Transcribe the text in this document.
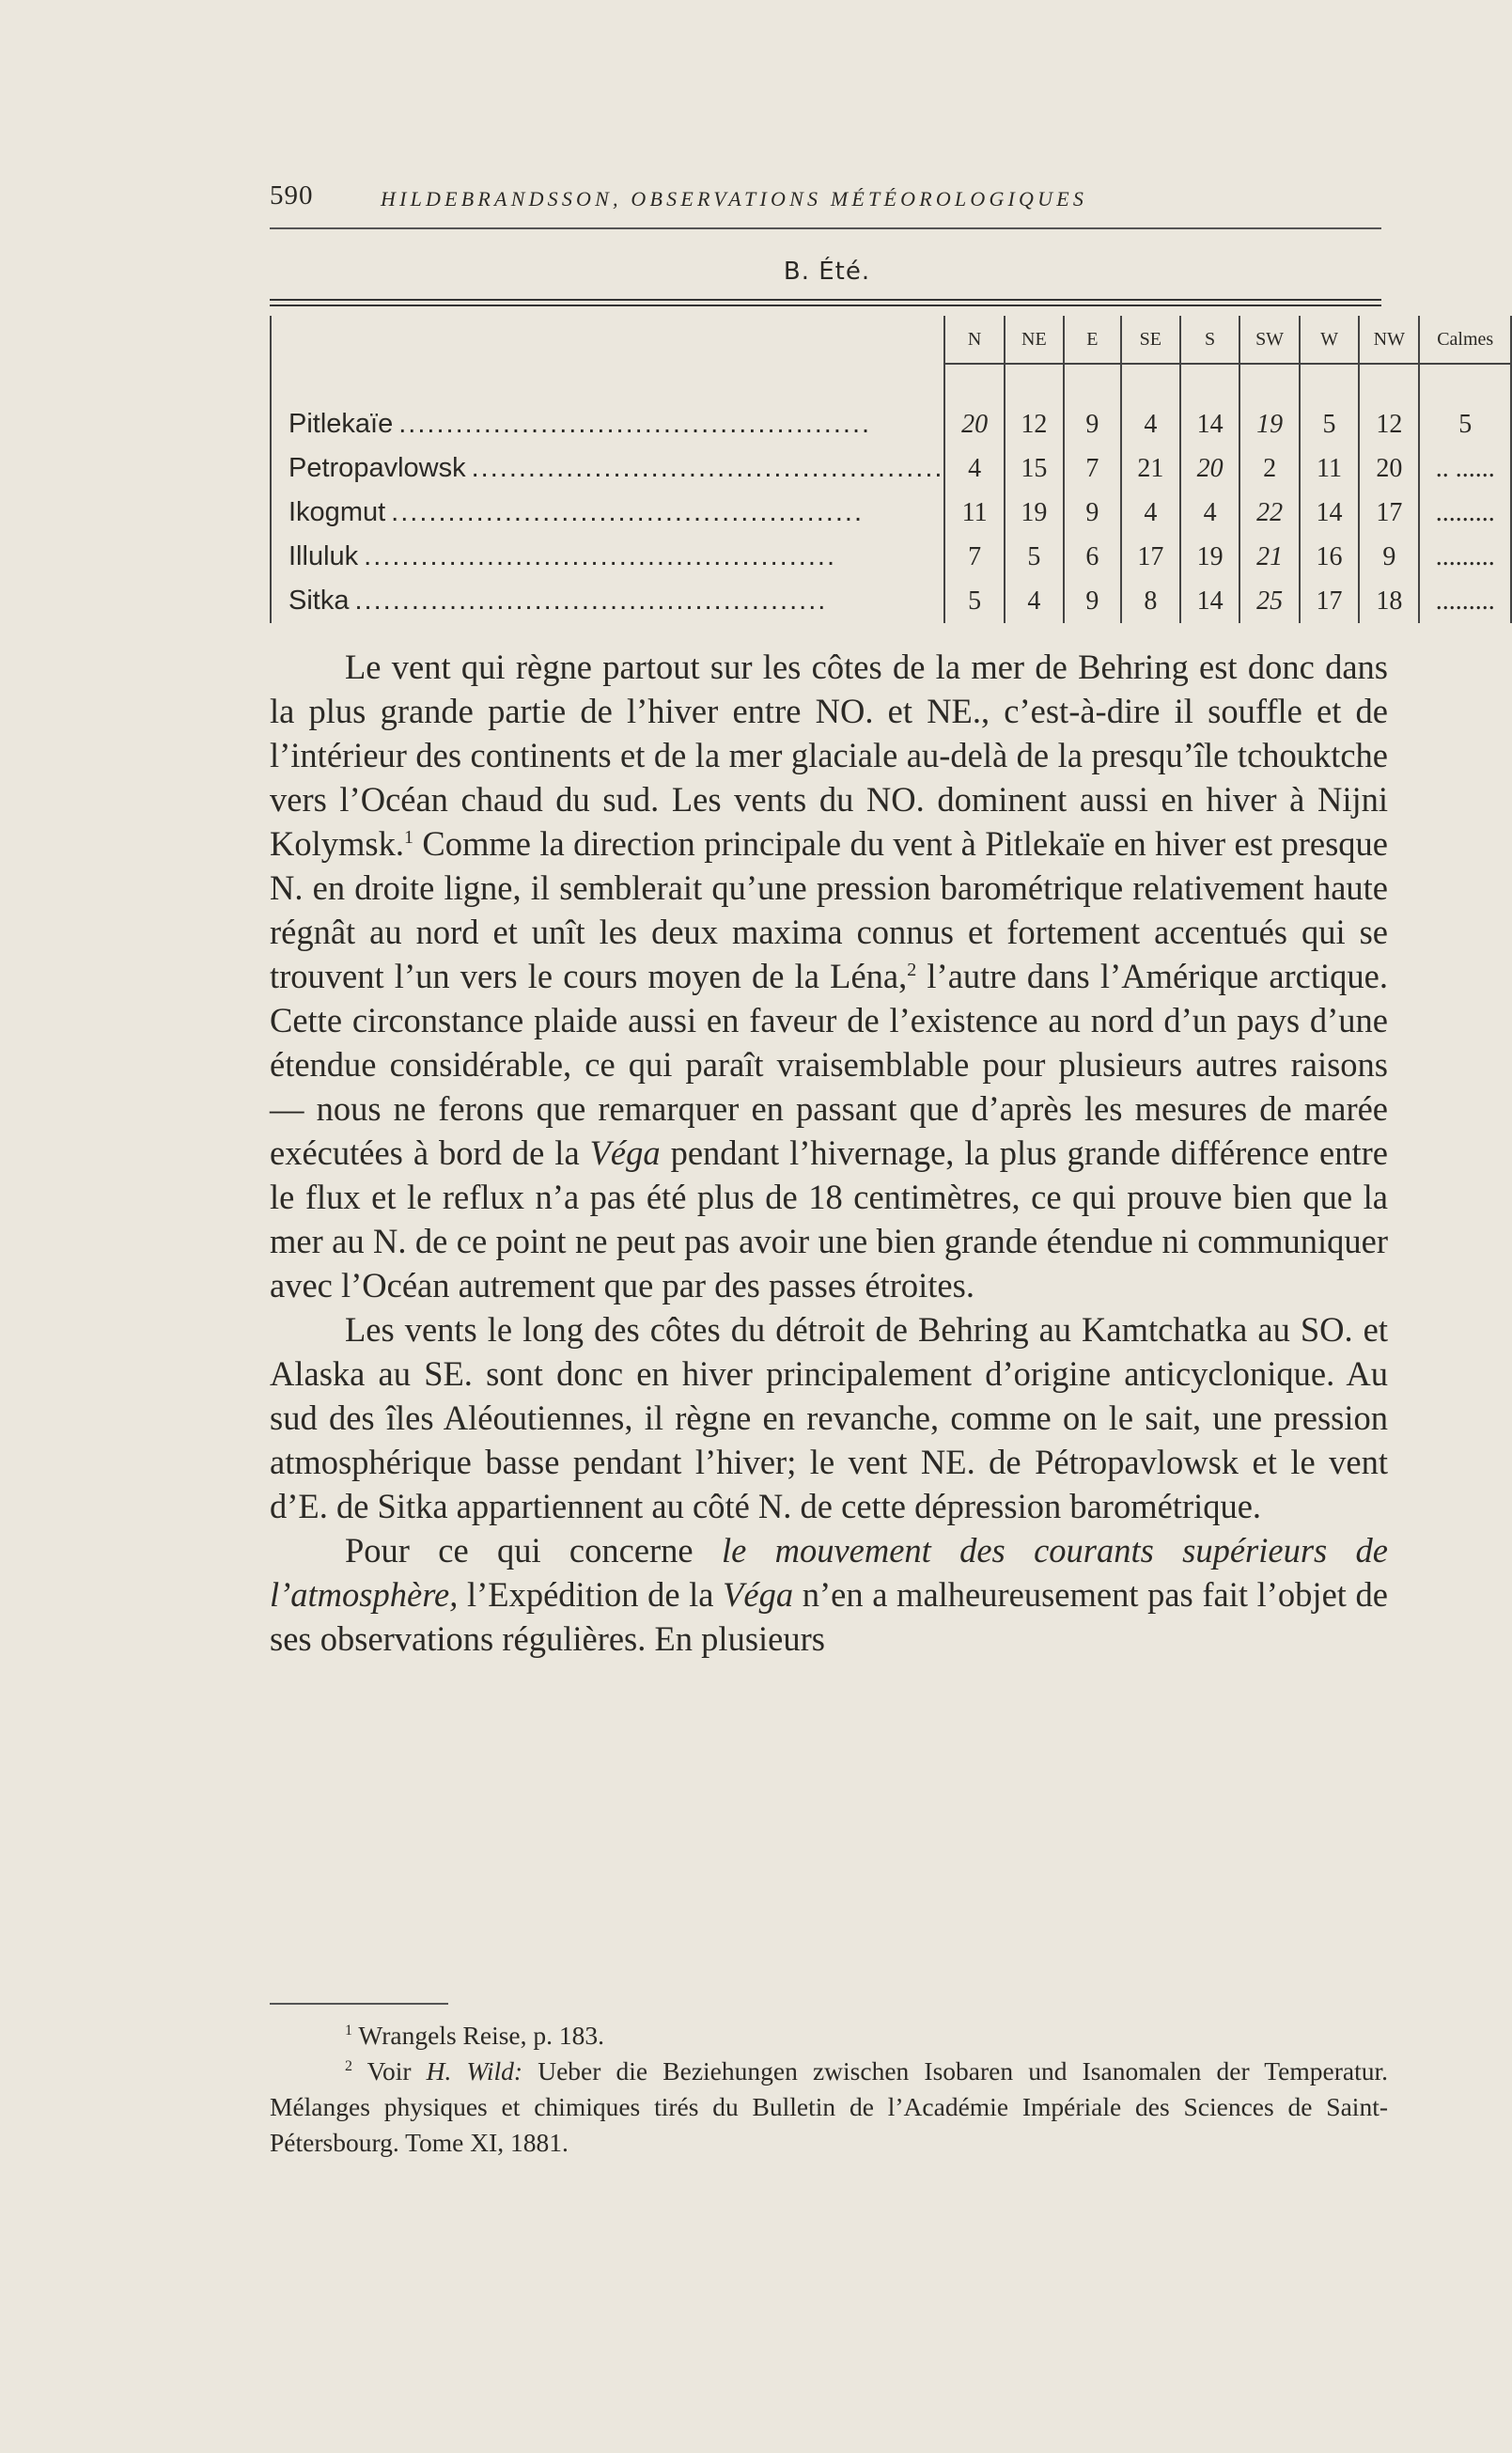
590	HILDEBRANDSSON, OBSERVATIONS MÉTÉOROLOGIQUES
B. Été.
	N	NE	E	SE	S	SW	W	NW	Calmes

Pitlekaïe ..................................................	20	12	9	4	14	19	5	12	5
Petropavlowsk ..................................................	4	15	7	21	20	2	11	20	.. ......
Ikogmut ..................................................	11	19	9	4	4	22	14	17	.........
Illuluk ..................................................	7	5	6	17	19	21	16	9	.........
Sitka ..................................................	5	4	9	8	14	25	17	18	.........

Le vent qui règne partout sur les côtes de la mer de Behring est donc dans la plus grande partie de l’hiver entre NO. et NE., c’est-à-dire il souffle et de l’intérieur des continents et de la mer glaciale au-delà de la presqu’île tchouktche vers l’Océan chaud du sud. Les vents du NO. dominent aussi en hiver à Nijni Kolymsk.$^1$ Comme la direction principale du vent à Pitlekaïe en hiver est presque N. en droite ligne, il semblerait qu’une pression barométrique relativement haute régnât au nord et unît les deux maxima connus et fortement accentués qui se trouvent l’un vers le cours moyen de la Léna,$^2$ l’autre dans l’Amérique arctique. Cette circonstance plaide aussi en faveur de l’existence au nord d’un pays d’une étendue considérable, ce qui paraît vraisemblable pour plusieurs autres raisons — nous ne ferons que remarquer en passant que d’après les mesures de marée exécutées à bord de la Véga pendant l’hivernage, la plus grande différence entre le flux et le reflux n’a pas été plus de 18 centimètres, ce qui prouve bien que la mer au N. de ce point ne peut pas avoir une bien grande étendue ni communiquer avec l’Océan autrement que par des passes étroites.

Les vents le long des côtes du détroit de Behring au Kamtchatka au SO. et Alaska au SE. sont donc en hiver principalement d’origine anticyclonique. Au sud des îles Aléoutiennes, il règne en revanche, comme on le sait, une pression atmosphérique basse pendant l’hiver; le vent NE. de Pétropavlowsk et le vent d’E. de Sitka appartiennent au côté N. de cette dépression barométrique.

Pour ce qui concerne le mouvement des courants supérieurs de l’atmosphère, l’Expédition de la Véga n’en a malheureusement pas fait l’objet de ses observations régulières. En plusieurs

$^1$ Wrangels Reise, p. 183.

$^2$ Voir H. Wild: Ueber die Beziehungen zwischen Isobaren und Isanomalen der Temperatur. Mélanges physiques et chimiques tirés du Bulletin de l’Académie Impériale des Sciences de Saint-Pétersbourg. Tome XI, 1881.
